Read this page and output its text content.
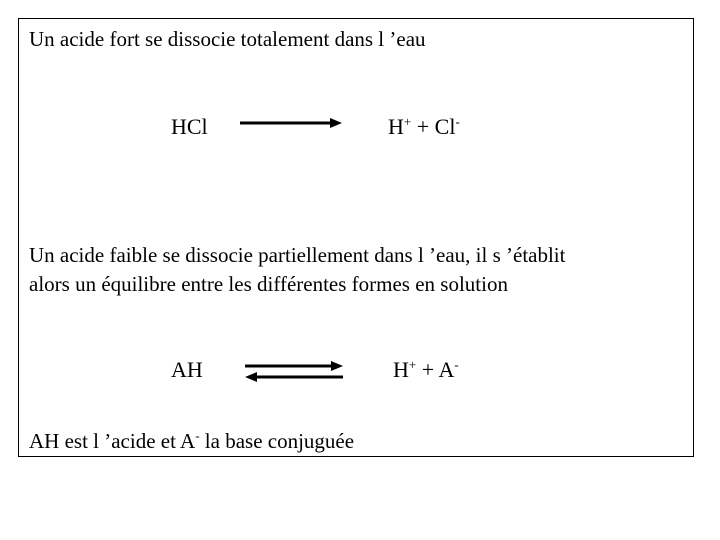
Un acide fort se dissocie totalement dans l ’eau
HCl	H+ + Cl-
Un acide faible se dissocie partiellement dans l ’eau, il s ’établit
alors un équilibre entre les différentes formes en solution
AH	H+ + A-
AH est l ’acide et A- la base conjuguée
